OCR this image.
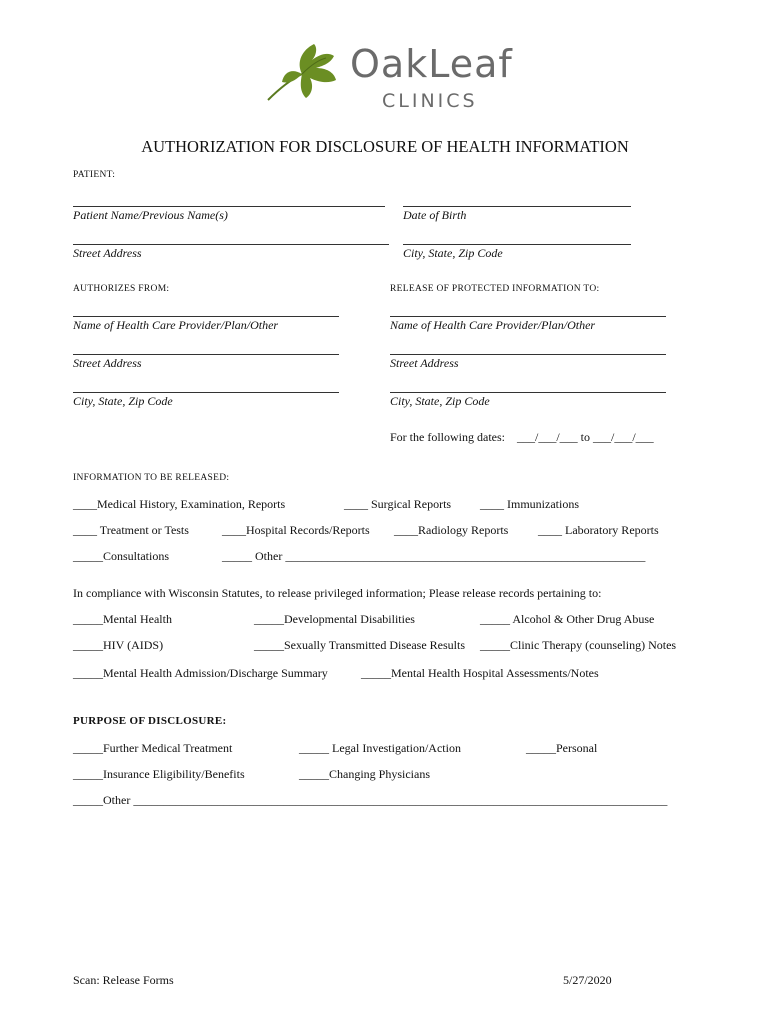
OakLeaf
CLINICS
AUTHORIZATION FOR DISCLOSURE OF HEALTH INFORMATION
PATIENT:
Patient Name/Previous Name(s)	Date of Birth
Street Address	City, State, Zip Code
AUTHORIZES FROM:	RELEASE OF PROTECTED INFORMATION TO:
Name of Health Care Provider/Plan/Other	Name of Health Care Provider/Plan/Other
Street Address	Street Address
City, State, Zip Code	City, State, Zip Code
For the following dates:    ___/___/___ to ___/___/___
INFORMATION TO BE RELEASED:
____Medical History, Examination, Reports	____ Surgical Reports ____ Immunizations
____ Treatment or Tests	____Hospital Records/Reports ____Radiology Reports ____ Laboratory Reports
_____Consultations	_____ Other ____________________________________________________________
In compliance with Wisconsin Statutes, to release privileged information; Please release records pertaining to:
_____Mental Health	_____Developmental Disabilities	_____ Alcohol & Other Drug Abuse
_____HIV (AIDS)	_____Sexually Transmitted Disease Results _____Clinic Therapy (counseling) Notes
_____Mental Health Admission/Discharge Summary	_____Mental Health Hospital Assessments/Notes
PURPOSE OF DISCLOSURE:
_____Further Medical Treatment	_____ Legal Investigation/Action	_____Personal
_____Insurance Eligibility/Benefits	_____Changing Physicians
_____Other _________________________________________________________________________________________
Scan: Release Forms	5/27/2020
